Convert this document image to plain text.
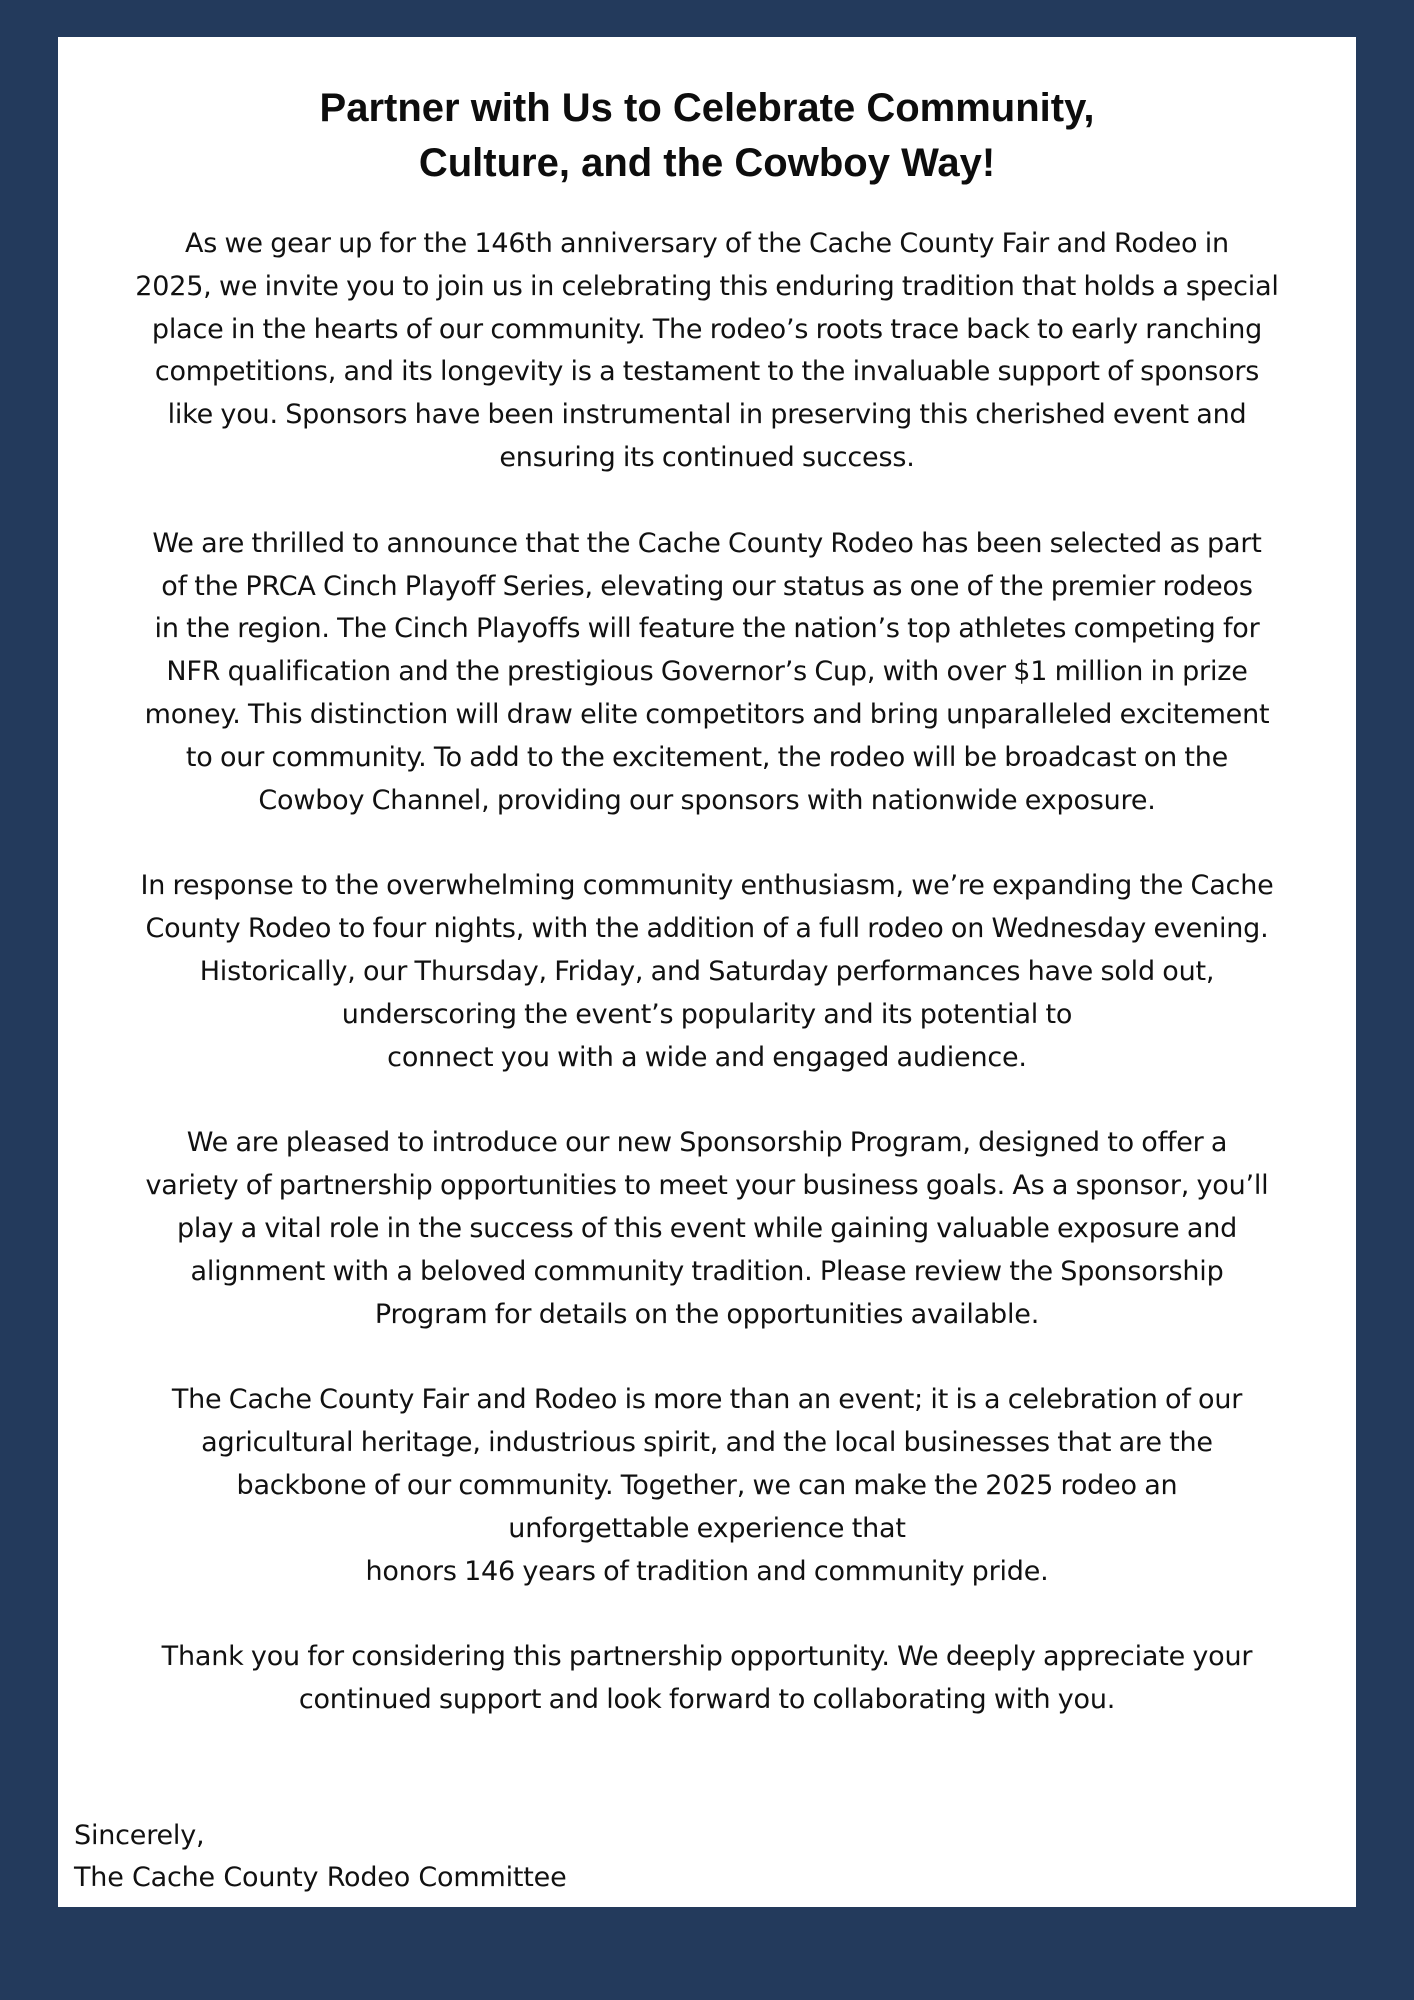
Partner with Us to Celebrate Community,
Culture, and the Cowboy Way!
As we gear up for the 146th anniversary of the Cache County Fair and Rodeo in
2025, we invite you to join us in celebrating this enduring tradition that holds a special
place in the hearts of our community. The rodeo’s roots trace back to early ranching
competitions, and its longevity is a testament to the invaluable support of sponsors
like you. Sponsors have been instrumental in preserving this cherished event and
ensuring its continued success.
We are thrilled to announce that the Cache County Rodeo has been selected as part
of the PRCA Cinch Playoff Series, elevating our status as one of the premier rodeos
in the region. The Cinch Playoffs will feature the nation’s top athletes competing for
NFR qualification and the prestigious Governor’s Cup, with over $1 million in prize
money. This distinction will draw elite competitors and bring unparalleled excitement
to our community. To add to the excitement, the rodeo will be broadcast on the
Cowboy Channel, providing our sponsors with nationwide exposure.
In response to the overwhelming community enthusiasm, we’re expanding the Cache
County Rodeo to four nights, with the addition of a full rodeo on Wednesday evening.
Historically, our Thursday, Friday, and Saturday performances have sold out,
underscoring the event’s popularity and its potential to
connect you with a wide and engaged audience.
We are pleased to introduce our new Sponsorship Program, designed to offer a
variety of partnership opportunities to meet your business goals. As a sponsor, you’ll
play a vital role in the success of this event while gaining valuable exposure and
alignment with a beloved community tradition. Please review the Sponsorship
Program for details on the opportunities available.
The Cache County Fair and Rodeo is more than an event; it is a celebration of our
agricultural heritage, industrious spirit, and the local businesses that are the
backbone of our community. Together, we can make the 2025 rodeo an
unforgettable experience that
honors 146 years of tradition and community pride.
Thank you for considering this partnership opportunity. We deeply appreciate your
continued support and look forward to collaborating with you.
Sincerely,
The Cache County Rodeo Committee
